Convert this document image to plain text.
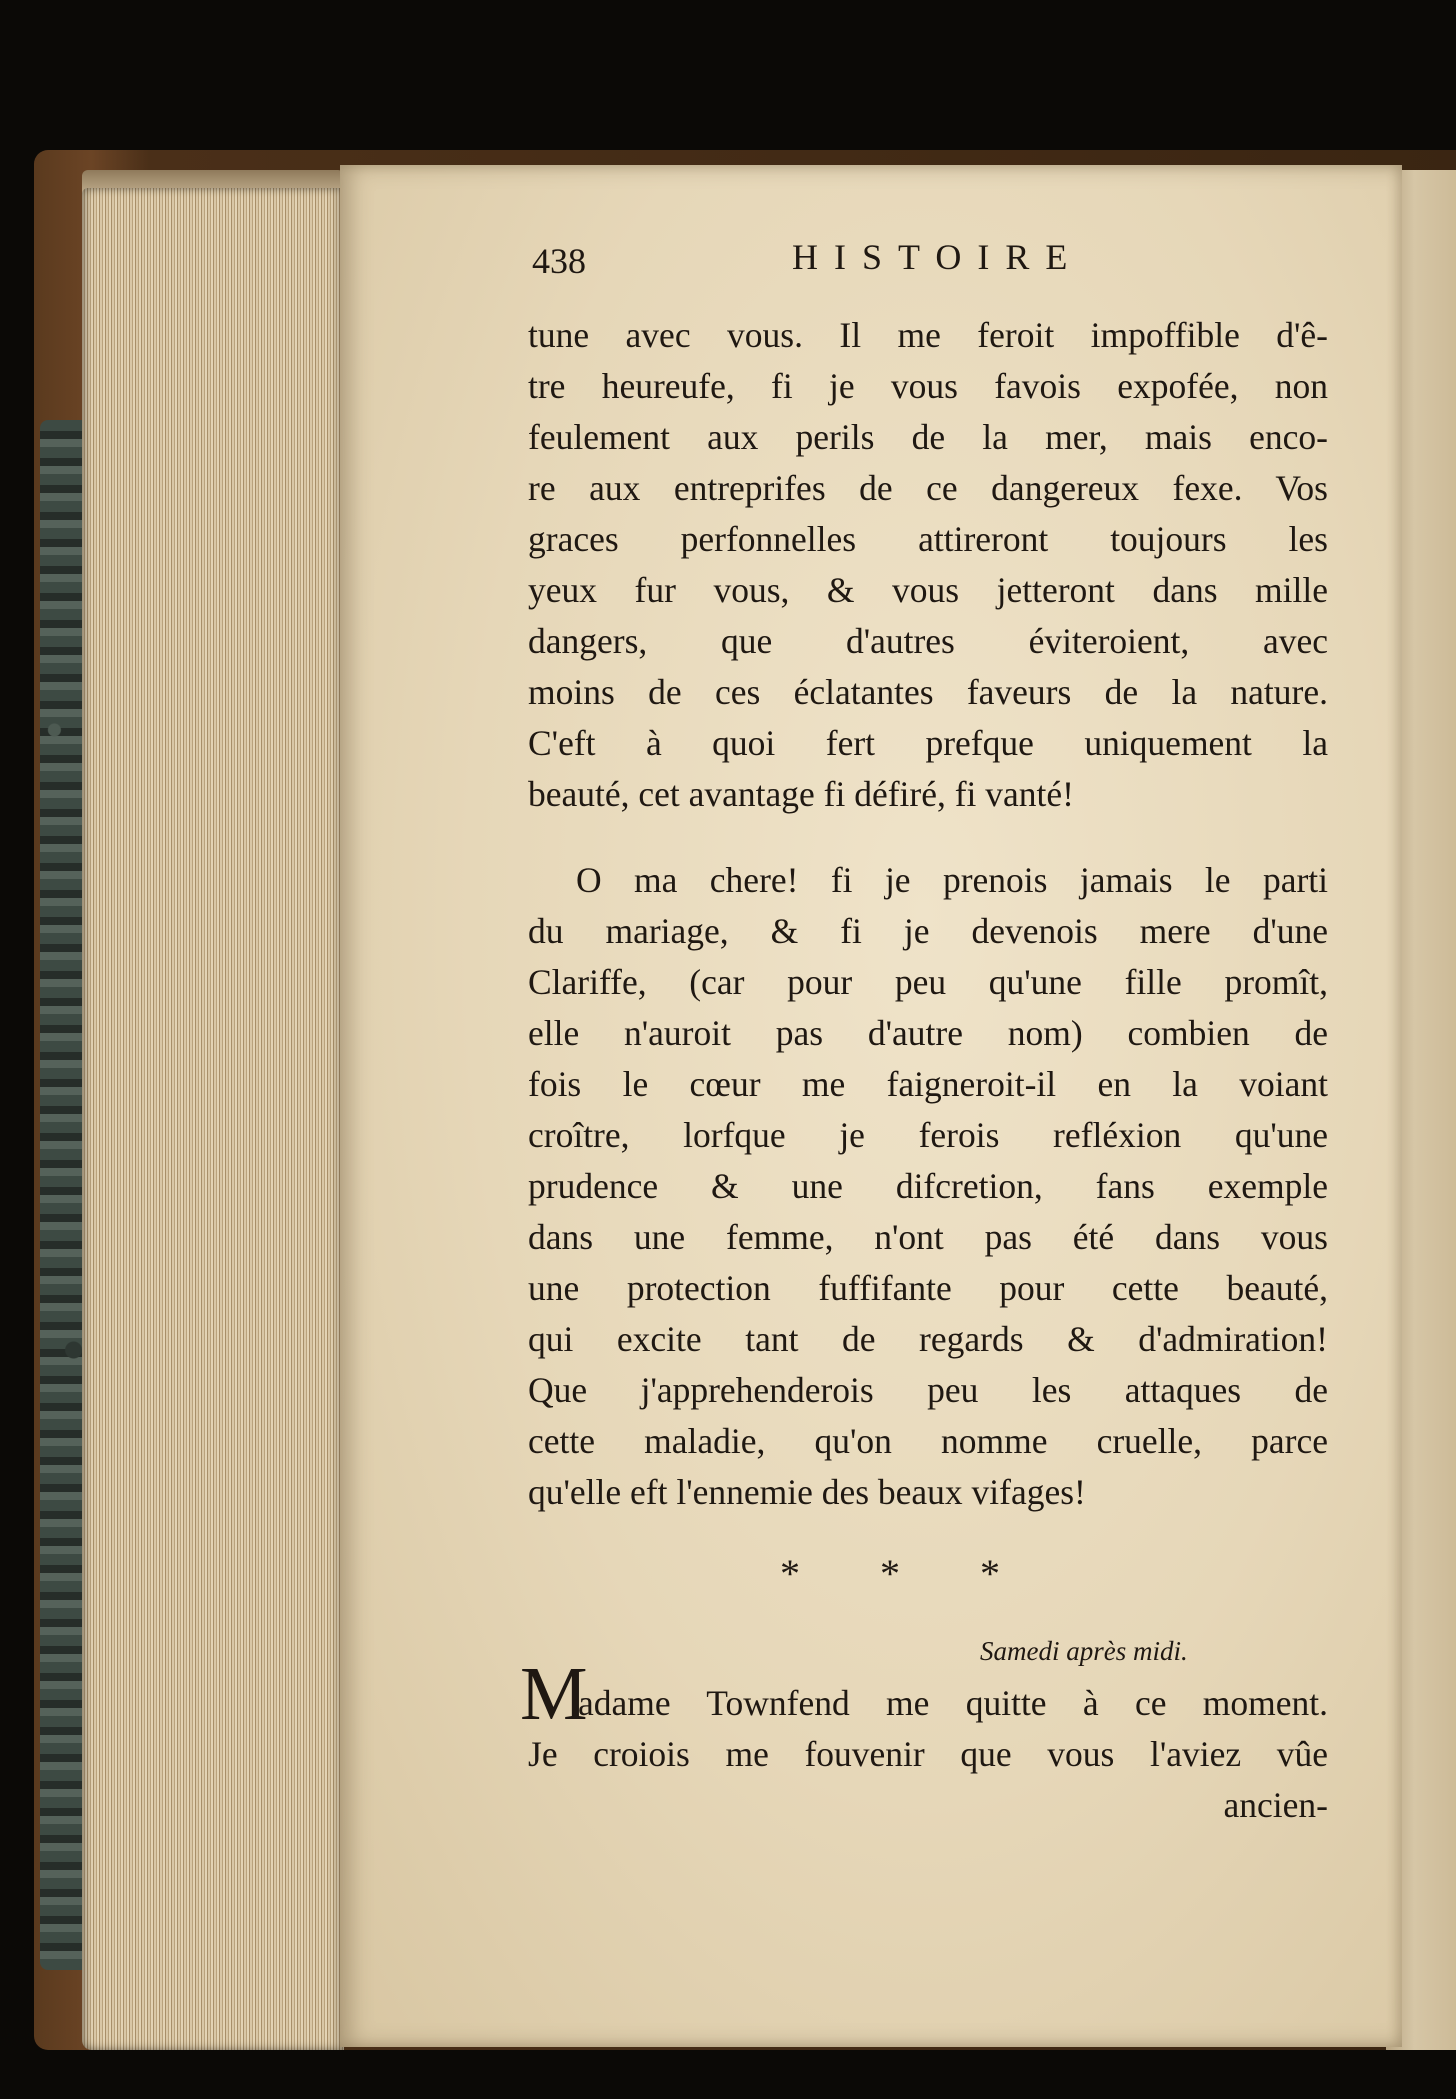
438	HISTOIRE
tune avec vous. Il me feroit impoffible d'ê-
tre heureufe, fi je vous favois expofée, non
feulement aux perils de la mer, mais enco-
re aux entreprifes de ce dangereux fexe. Vos
graces perfonnelles attireront toujours les
yeux fur vous, & vous jetteront dans mille
dangers, que d'autres éviteroient, avec
moins de ces éclatantes faveurs de la nature.
C'eft à quoi fert prefque uniquement la
beauté, cet avantage fi défiré, fi vanté!
O ma chere! fi je prenois jamais le parti
du mariage, & fi je devenois mere d'une
Clariffe, (car pour peu qu'une fille promît,
elle n'auroit pas d'autre nom) combien de
fois le cœur me faigneroit-il en la voiant
croître, lorfque je ferois refléxion qu'une
prudence & une difcretion, fans exemple
dans une femme, n'ont pas été dans vous
une protection fuffifante pour cette beauté,
qui excite tant de regards & d'admiration!
Que j'apprehenderois peu les attaques de
cette maladie, qu'on nomme cruelle, parce
qu'elle eft l'ennemie des beaux vifages!
* * *
Samedi après midi.
M
adame Townfend me quitte à ce moment.
Je croiois me fouvenir que vous l'aviez vûe
ancien-
